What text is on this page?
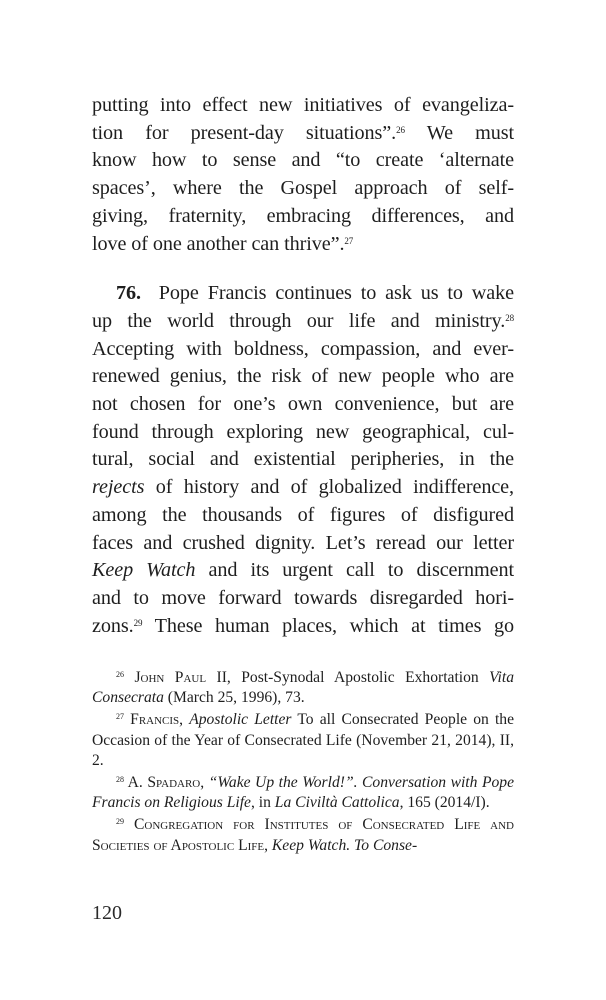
putting into effect new initiatives of evangeliza-
tion for present-day situations”.$^{26}$ We must
know how to sense and “to create ‘alternate
spaces’, where the Gospel approach of self-
giving, fraternity, embracing differences, and
love of one another can thrive”.$^{27}$

76. Pope Francis continues to ask us to wake
up the world through our life and ministry.$^{28}$
Accepting with boldness, compassion, and ever-
renewed genius, the risk of new people who are
not chosen for one’s own convenience, but are
found through exploring new geographical, cul-
tural, social and existential peripheries, in the
rejects of history and of globalized indifference,
among the thousands of figures of disfigured
faces and crushed dignity. Let’s reread our letter
Keep Watch and its urgent call to discernment
and to move forward towards disregarded hori-
zons.$^{29}$ These human places, which at times go

$^{26}$ John Paul II, Post-Synodal Apostolic Exhortation Vita Consecrata (March 25, 1996), 73.

$^{27}$ Francis, Apostolic Letter To all Consecrated People on the Occasion of the Year of Consecrated Life (November 21, 2014), II, 2.

$^{28}$ A. Spadaro, “Wake Up the World!”. Conversation with Pope Francis on Religious Life, in La Civiltà Cattolica, 165 (2014/I).

$^{29}$ Congregation for Institutes of Consecrated Life and Societies of Apostolic Life, Keep Watch. To Conse-

120
